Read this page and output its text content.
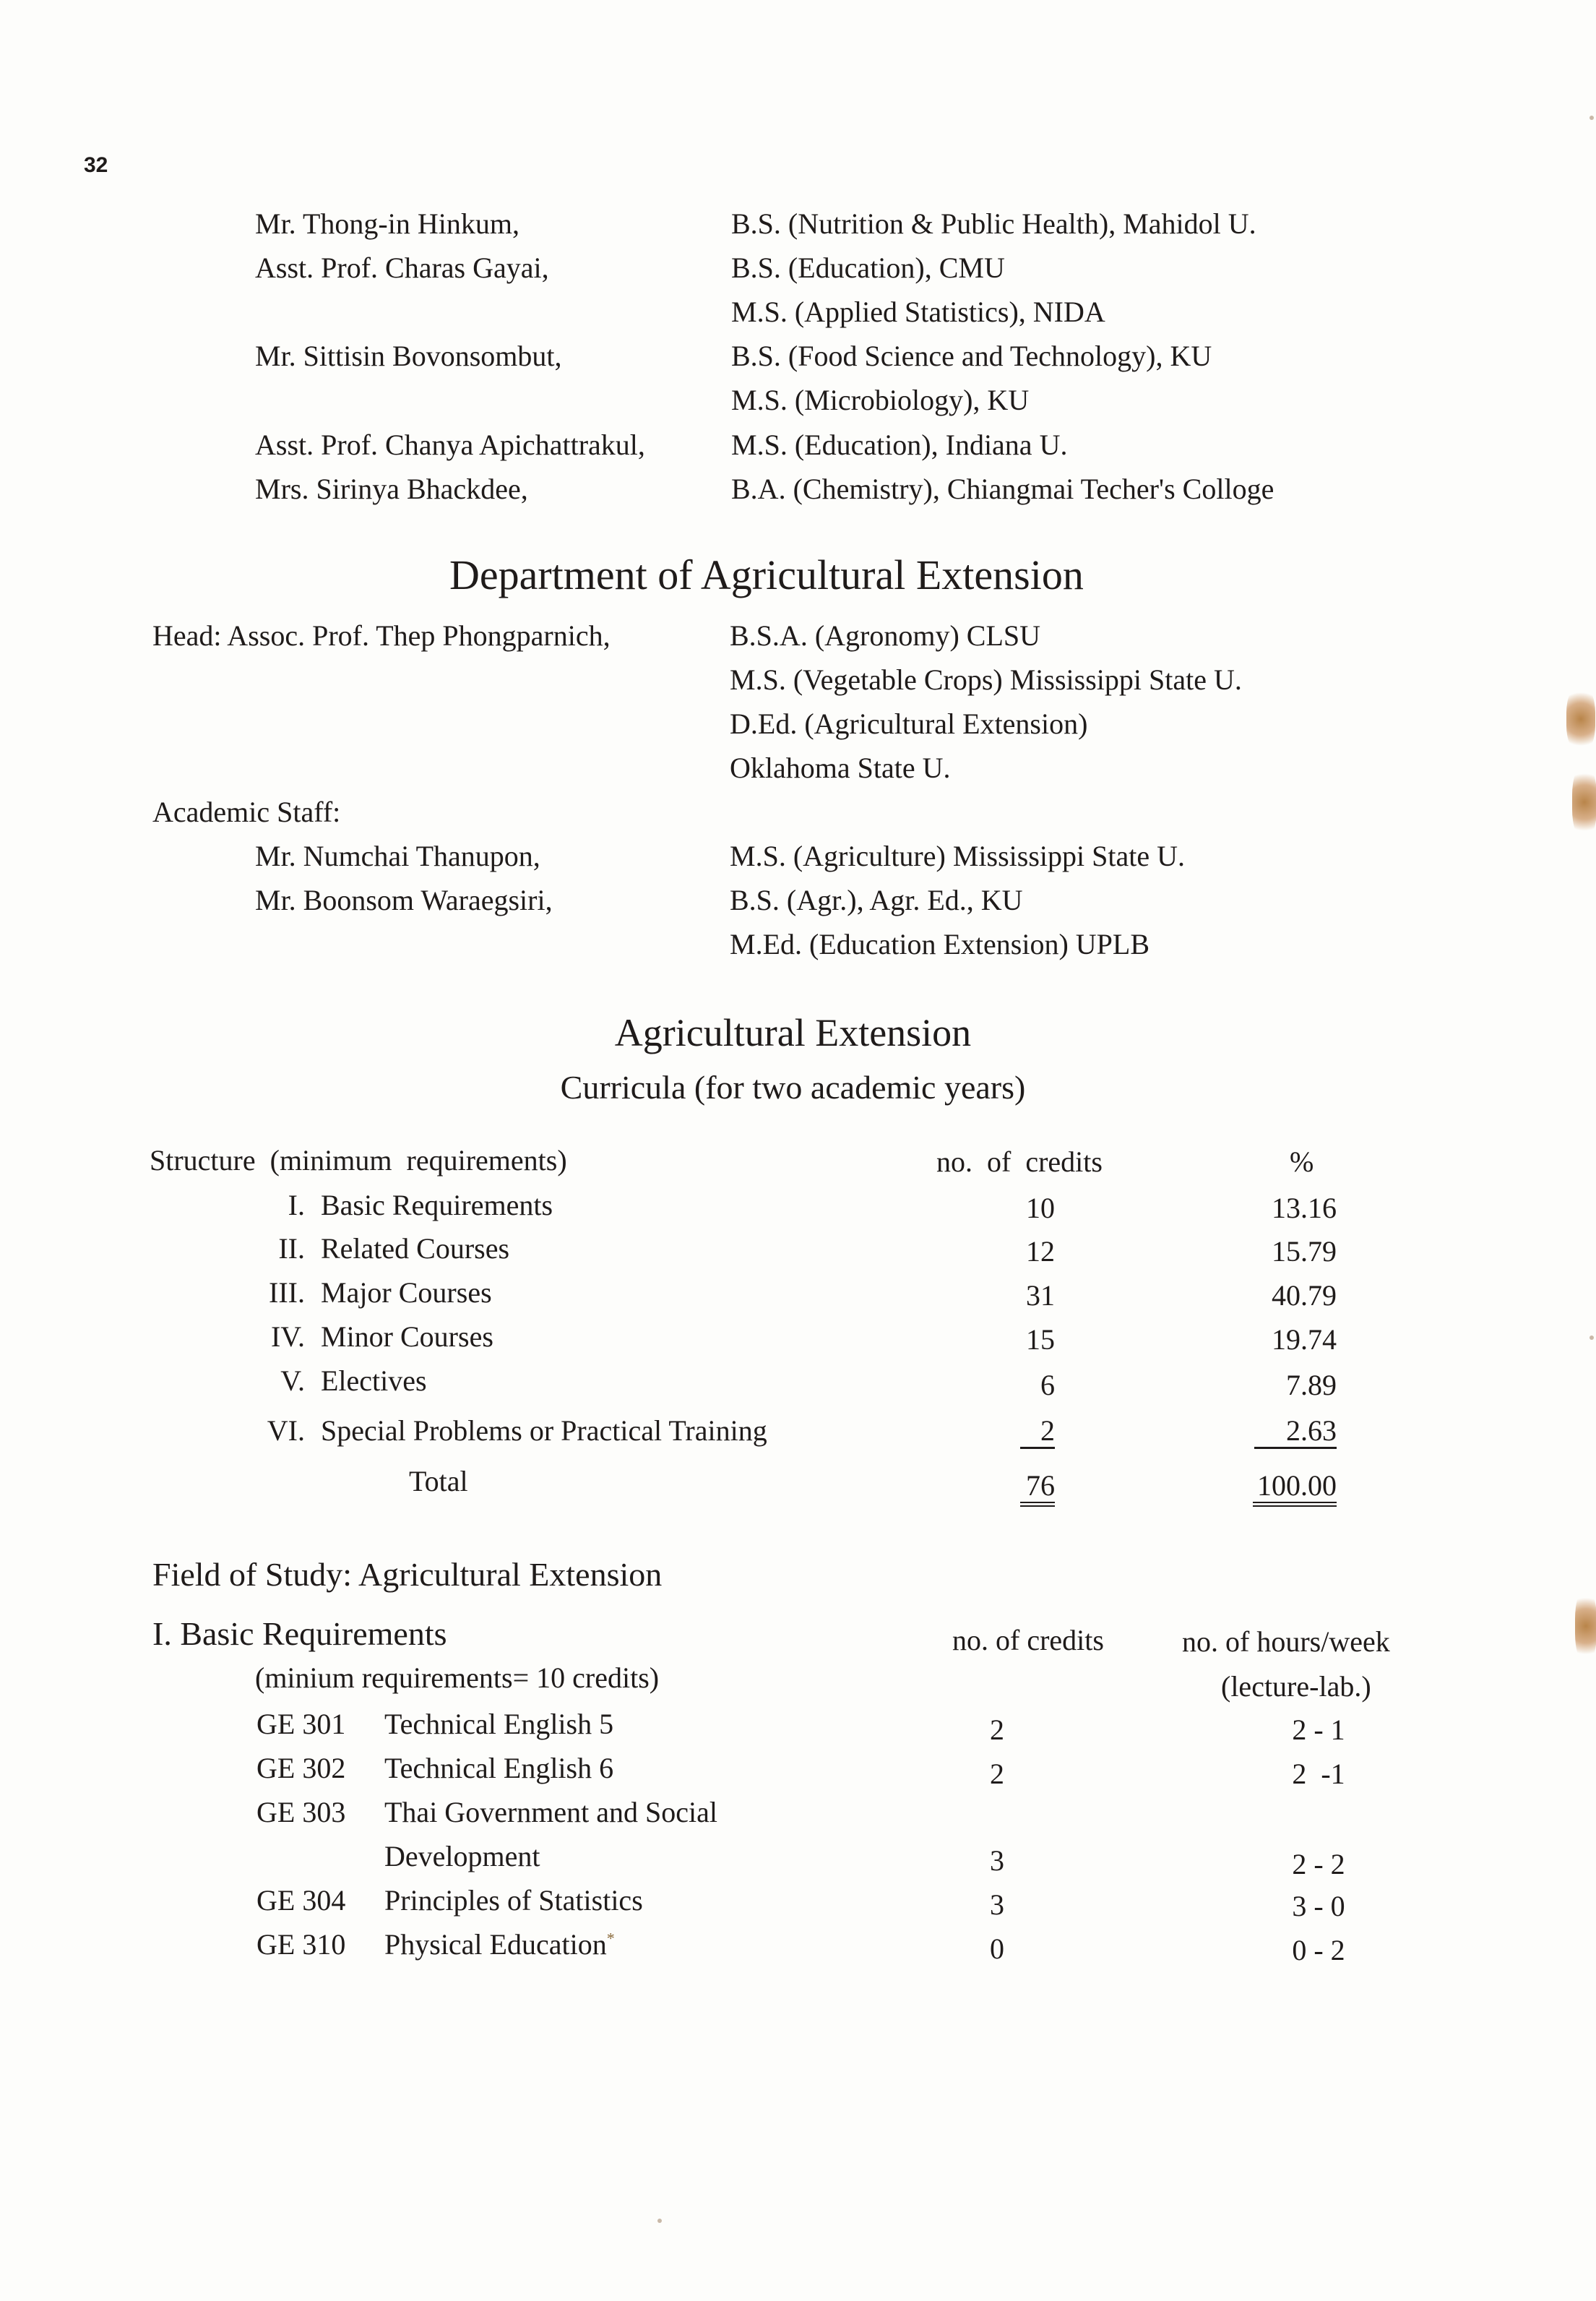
32
Mr. Thong-in Hinkum,	B.S. (Nutrition & Public Health), Mahidol U.
Asst. Prof. Charas Gayai,	B.S. (Education), CMU
M.S. (Applied Statistics), NIDA
Mr. Sittisin Bovonsombut,	B.S. (Food Science and Technology), KU
M.S. (Microbiology), KU
Asst. Prof. Chanya Apichattrakul,	M.S. (Education), Indiana U.
Mrs. Sirinya Bhackdee,	B.A. (Chemistry), Chiangmai Techer's Colloge
Department of Agricultural Extension
Head: Assoc. Prof. Thep Phongparnich,	B.S.A. (Agronomy) CLSU
M.S. (Vegetable Crops) Mississippi State U.
D.Ed. (Agricultural Extension)
Oklahoma State U.
Academic Staff:
Mr. Numchai Thanupon,	M.S. (Agriculture) Mississippi State U.
Mr. Boonsom Waraegsiri,	B.S. (Agr.), Agr. Ed., KU
M.Ed. (Education Extension) UPLB
Agricultural Extension
Curricula (for two academic years)
Structure  (minimum  requirements)	no.  of  credits	%
I. Basic Requirements	10	13.16
II. Related Courses	12	15.79
III. Major Courses	31	40.79
IV. Minor Courses	15	19.74
V. Electives	6	7.89
VI. Special Problems or Practical Training	2	2.63
Total	76	100.00
Field of Study: Agricultural Extension
I. Basic Requirements	no. of credits	no. of hours/week
(lecture-lab.)
(minium requirements= 10 credits)
GE 301 Technical English 5	2	2 - 1
GE 302 Technical English 6	2	2  -1
GE 303 Thai Government and Social
Development	3	2 - 2
GE 304 Principles of Statistics	3	3 - 0
GE 310 Physical Education*	0	0 - 2
